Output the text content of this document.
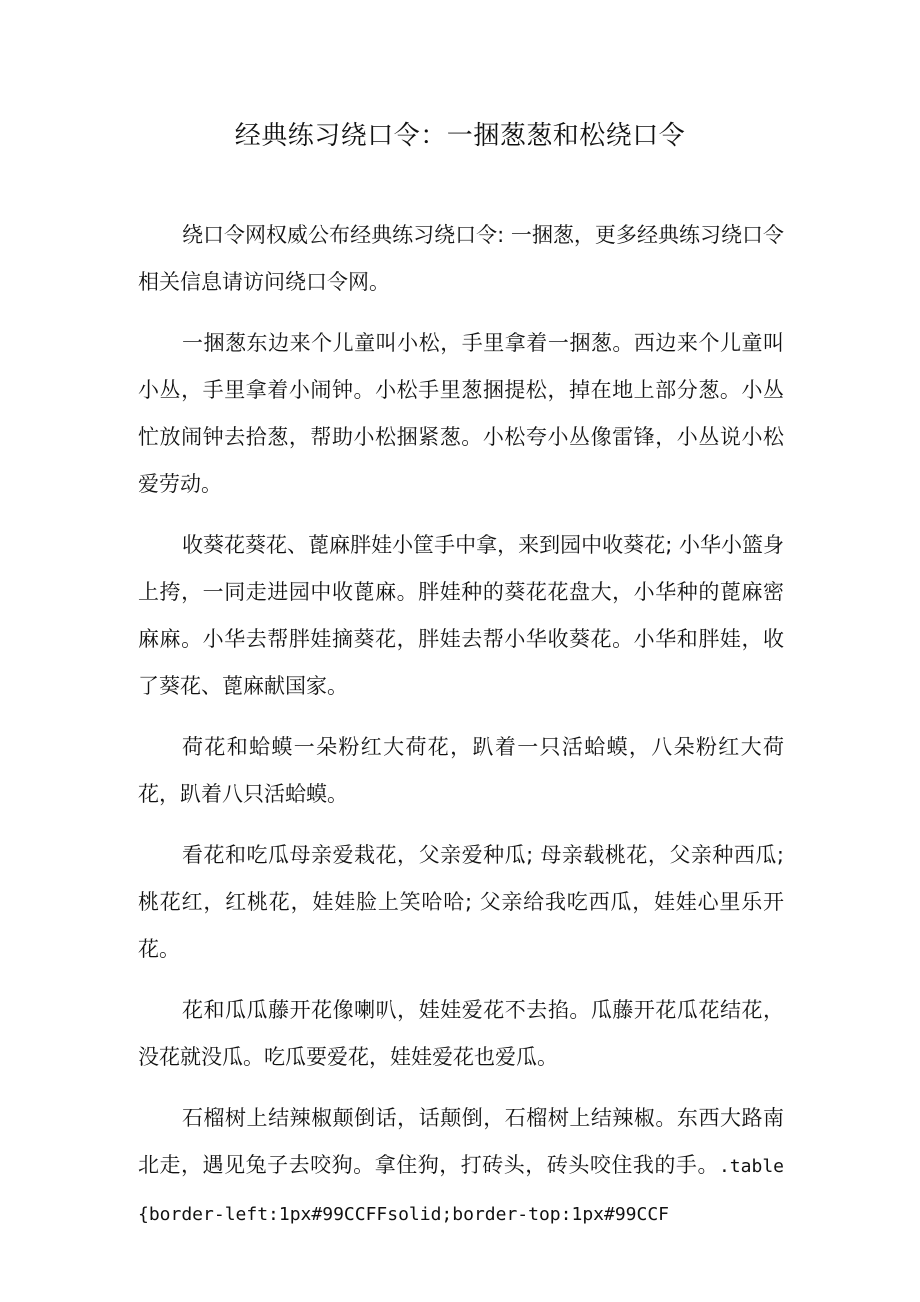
经典练习绕口令：一捆葱葱和松绕口令

绕口令网权威公布经典练习绕口令: 一捆葱，更多经典练习绕口令相关信息请访问绕口令网。

一捆葱东边来个儿童叫小松，手里拿着一捆葱。西边来个儿童叫小丛，手里拿着小闹钟。小松手里葱捆提松，掉在地上部分葱。小丛忙放闹钟去拾葱，帮助小松捆紧葱。小松夸小丛像雷锋，小丛说小松爱劳动。

收葵花葵花、蓖麻胖娃小筐手中拿，来到园中收葵花; 小华小篮身上挎，一同走进园中收蓖麻。胖娃种的葵花花盘大，小华种的蓖麻密麻麻。小华去帮胖娃摘葵花，胖娃去帮小华收葵花。小华和胖娃，收了葵花、蓖麻献国家。

荷花和蛤蟆一朵粉红大荷花，趴着一只活蛤蟆，八朵粉红大荷花，趴着八只活蛤蟆。

看花和吃瓜母亲爱栽花，父亲爱种瓜; 母亲载桃花，父亲种西瓜; 桃花红，红桃花，娃娃脸上笑哈哈; 父亲给我吃西瓜，娃娃心里乐开花。

花和瓜瓜藤开花像喇叭，娃娃爱花不去掐。瓜藤开花瓜花结花，没花就没瓜。吃瓜要爱花，娃娃爱花也爱瓜。

石榴树上结辣椒颠倒话，话颠倒，石榴树上结辣椒。东西大路南北走，遇见兔子去咬狗。拿住狗，打砖头，砖头咬住我的手。.table{border-left:1px#99CCFFsolid;border-top:1px#99CCF
